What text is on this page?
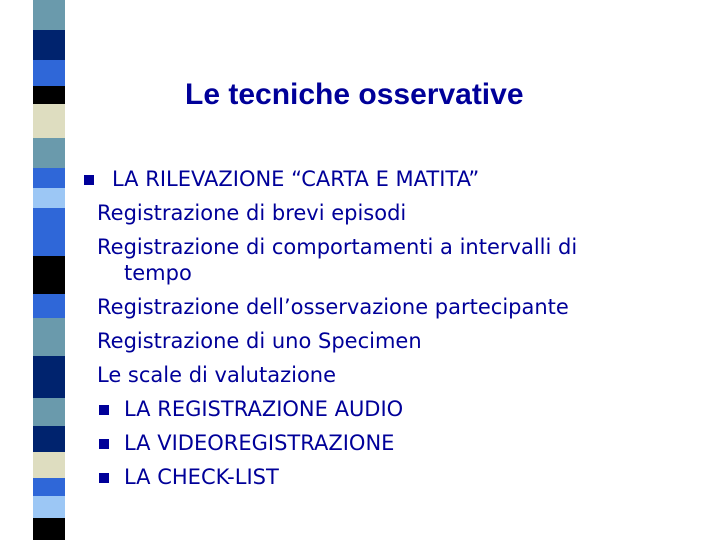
Le tecniche osservative
LA RILEVAZIONE “CARTA E MATITA”
Registrazione di brevi episodi
Registrazione di comportamenti a intervalli di
tempo
Registrazione dell’osservazione partecipante
Registrazione di uno Specimen
Le scale di valutazione
LA REGISTRAZIONE AUDIO
LA VIDEOREGISTRAZIONE
LA CHECK-LIST
